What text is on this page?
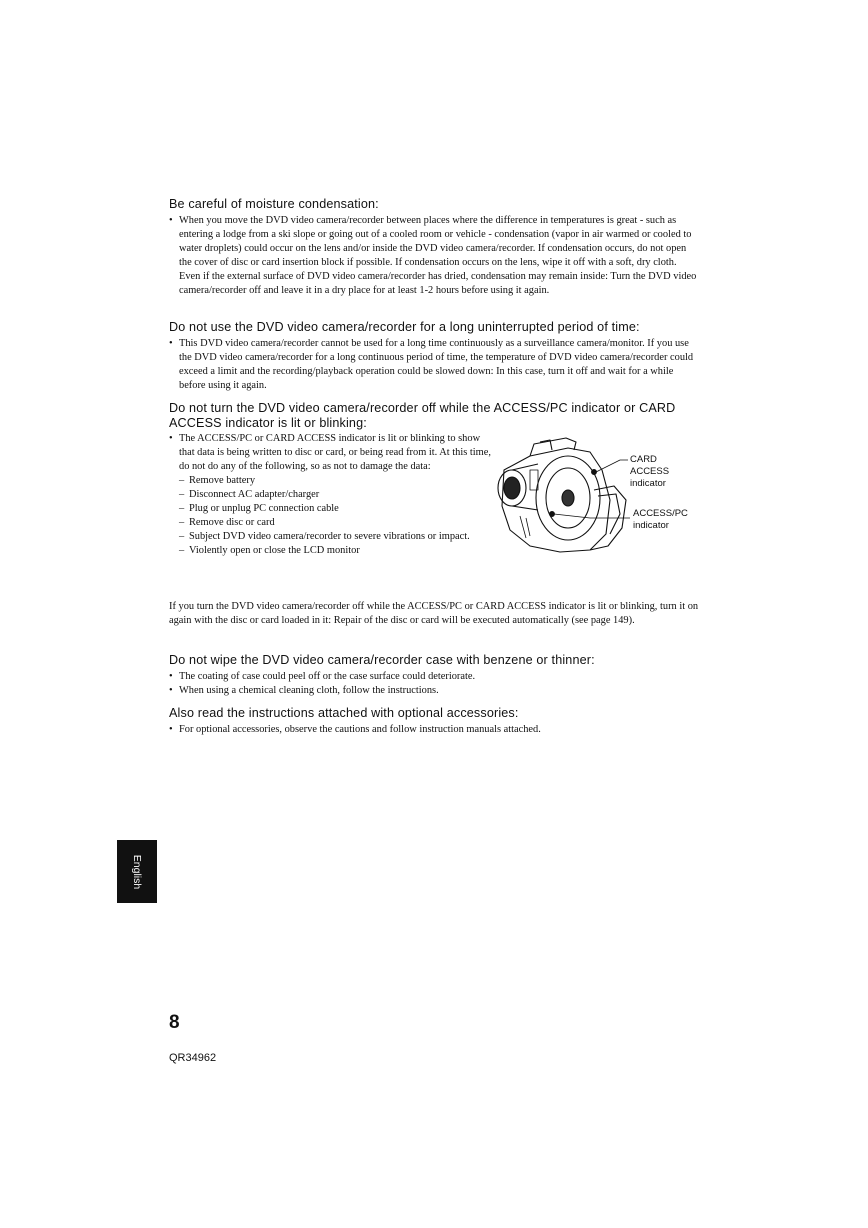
Be careful of moisture condensation:

• When you move the DVD video camera/recorder between places where the difference in temperatures is great - such as entering a lodge from a ski slope or going out of a cooled room or vehicle - condensation (vapor in air warmed or cooled to water droplets) could occur on the lens and/or inside the DVD video camera/recorder. If condensation occurs, do not open the cover of disc or card insertion block if possible. If condensation occurs on the lens, wipe it off with a soft, dry cloth. Even if the external surface of DVD video camera/recorder has dried, condensation may remain inside: Turn the DVD video camera/recorder off and leave it in a dry place for at least 1-2 hours before using it again.

Do not use the DVD video camera/recorder for a long uninterrupted period of time:

• This DVD video camera/recorder cannot be used for a long time continuously as a surveillance camera/monitor. If you use the DVD video camera/recorder for a long continuous period of time, the temperature of DVD video camera/recorder could exceed a limit and the recording/playback operation could be slowed down: In this case, turn it off and wait for a while before using it again.

Do not turn the DVD video camera/recorder off while the ACCESS/PC indicator or CARD ACCESS indicator is lit or blinking:

• The ACCESS/PC or CARD ACCESS indicator is lit or blinking to show that data is being written to disc or card, or being read from it. At this time, do not do any of the following, so as not to damage the data:

– Remove battery
– Disconnect AC adapter/charger
– Plug or unplug PC connection cable
– Remove disc or card
– Subject DVD video camera/recorder to severe vibrations or impact.
– Violently open or close the LCD monitor
CARD
ACCESS
indicator
ACCESS/PC
indicator

If you turn the DVD video camera/recorder off while the ACCESS/PC or CARD ACCESS indicator is lit or blinking, turn it on again with the disc or card loaded in it: Repair of the disc or card will be executed automatically (see page 149).

Do not wipe the DVD video camera/recorder case with benzene or thinner:

• The coating of case could peel off or the case surface could deteriorate.

• When using a chemical cleaning cloth, follow the instructions.

Also read the instructions attached with optional accessories:

• For optional accessories, observe the cautions and follow instruction manuals attached.

English
8
QR34962
